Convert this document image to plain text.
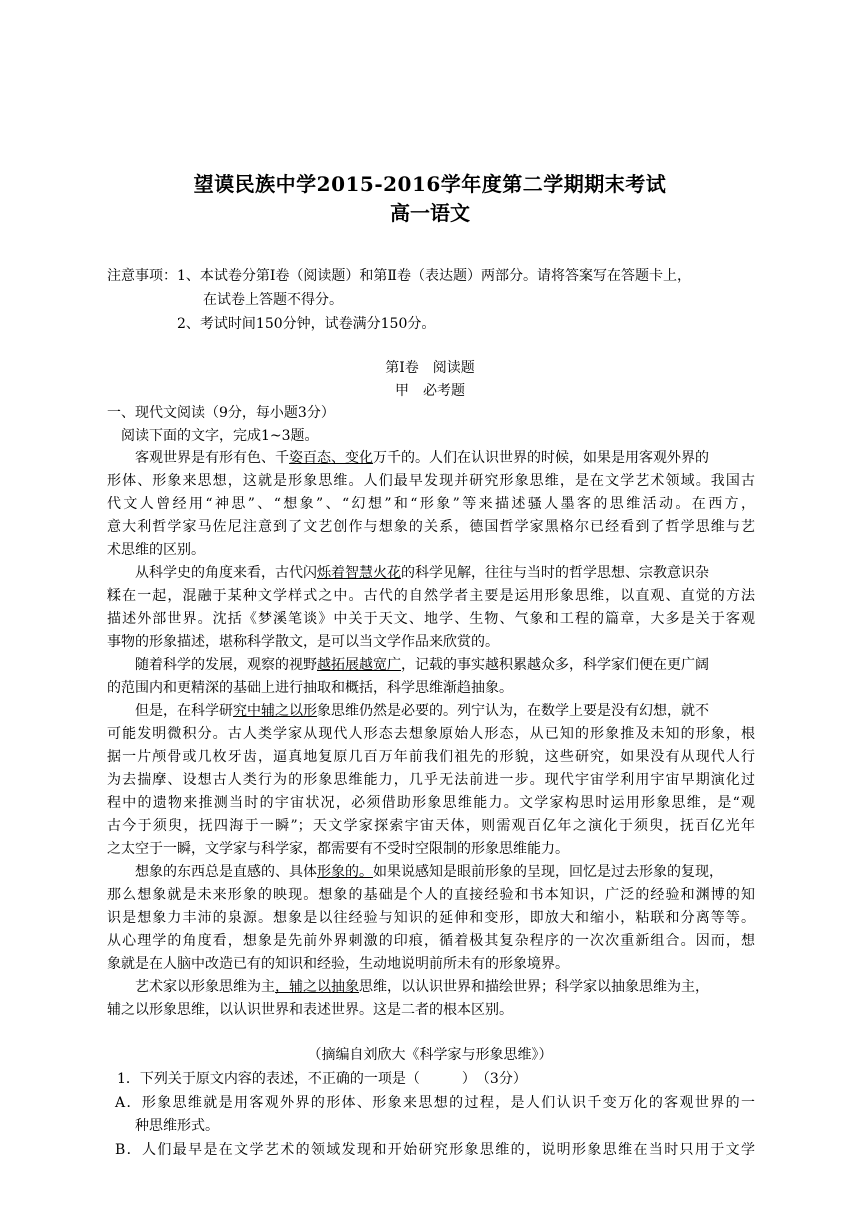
望谟民族中学2015-2016学年度第二学期期末考试
高一语文
注意事项：1、本试卷分第Ⅰ卷（阅读题）和第Ⅱ卷（表达题）两部分。请将答案写在答题卡上，
在试卷上答题不得分。
2、考试时间150分钟，试卷满分150分。
第Ⅰ卷　阅读题
甲　必考题
一、现代文阅读（9分，每小题3分）
阅读下面的文字，完成1~3题。
客观世界是有形有色、千姿百态、变化万千的。人们在认识世界的时候，如果是用客观外界的
形体、形象来思想，这就是形象思维。人们最早发现并研究形象思维，是在文学艺术领域。我国古
代文人曾经用“神思”、“想象”、“幻想”和“形象”等来描述骚人墨客的思维活动。在西方，
意大利哲学家马佐尼注意到了文艺创作与想象的关系，德国哲学家黑格尔已经看到了哲学思维与艺
术思维的区别。
从科学史的角度来看，古代闪烁着智慧火花的科学见解，往往与当时的哲学思想、宗教意识杂
糅在一起，混融于某种文学样式之中。古代的自然学者主要是运用形象思维，以直观、直觉的方法
描述外部世界。沈括《梦溪笔谈》中关于天文、地学、生物、气象和工程的篇章，大多是关于客观
事物的形象描述，堪称科学散文，是可以当文学作品来欣赏的。
随着科学的发展，观察的视野越拓展越宽广，记载的事实越积累越众多，科学家们便在更广阔
的范围内和更精深的基础上进行抽取和概括，科学思维渐趋抽象。
但是，在科学研究中辅之以形象思维仍然是必要的。列宁认为，在数学上要是没有幻想，就不
可能发明微积分。古人类学家从现代人形态去想象原始人形态，从已知的形象推及未知的形象，根
据一片颅骨或几枚牙齿，逼真地复原几百万年前我们祖先的形貌，这些研究，如果没有从现代人行
为去揣摩、设想古人类行为的形象思维能力，几乎无法前进一步。现代宇宙学利用宇宙早期演化过
程中的遗物来推测当时的宇宙状况，必须借助形象思维能力。文学家构思时运用形象思维，是“观
古今于须臾，抚四海于一瞬”；天文学家探索宇宙天体，则需观百亿年之演化于须臾，抚百亿光年
之太空于一瞬，文学家与科学家，都需要有不受时空限制的形象思维能力。
想象的东西总是直感的、具体形象的。如果说感知是眼前形象的呈现，回忆是过去形象的复现，
那么想象就是未来形象的映现。想象的基础是个人的直接经验和书本知识，广泛的经验和渊博的知
识是想象力丰沛的泉源。想象是以往经验与知识的延伸和变形，即放大和缩小，粘联和分离等等。
从心理学的角度看，想象是先前外界刺激的印痕，循着极其复杂程序的一次次重新组合。因而，想
象就是在人脑中改造已有的知识和经验，生动地说明前所未有的形象境界。
艺术家以形象思维为主，辅之以抽象思维，以认识世界和描绘世界；科学家以抽象思维为主，
辅之以形象思维，以认识世界和表述世界。这是二者的根本区别。
（摘编自刘欣大《科学家与形象思维》）
1．下列关于原文内容的表述，不正确的一项是（　　　）　（3分）
A．形象思维就是用客观外界的形体、形象来思想的过程，是人们认识千变万化的客观世界的一
种思维形式。
B．人们最早是在文学艺术的领域发现和开始研究形象思维的，说明形象思维在当时只用于文学
